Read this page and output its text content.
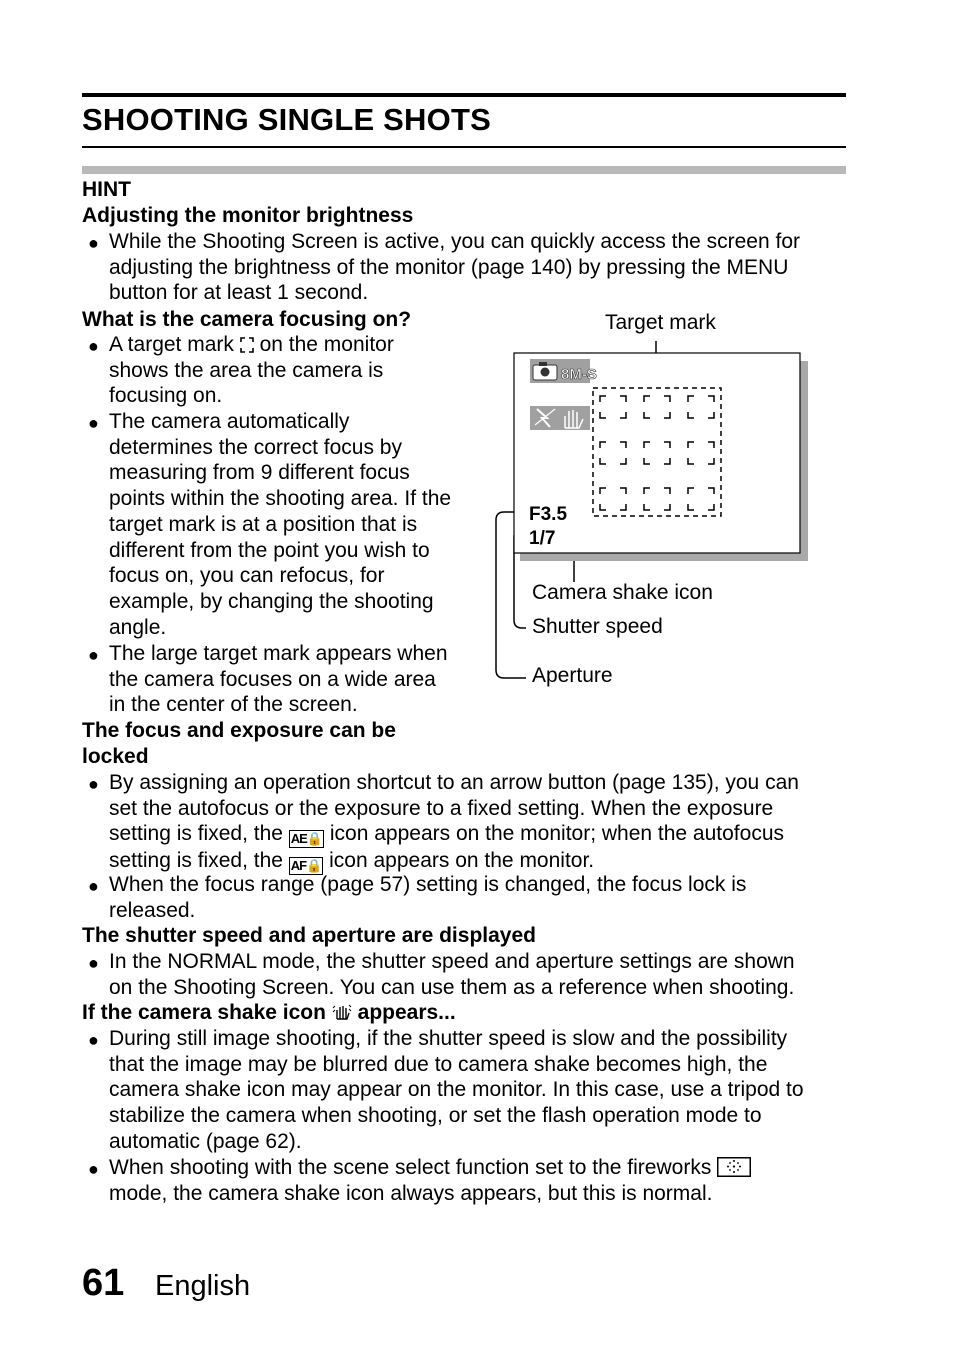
SHOOTING SINGLE SHOTS
HINT
Adjusting the monitor brightness
● While the Shooting Screen is active, you can quickly access the screen for
adjusting the brightness of the monitor (page 140) by pressing the MENU
button for at least 1 second.
What is the camera focusing on?
● A target mark on the monitor
shows the area the camera is
focusing on.
● The camera automatically
determines the correct focus by
measuring from 9 different focus
points within the shooting area. If the
target mark is at a position that is
different from the point you wish to
focus on, you can refocus, for
example, by changing the shooting
angle.
● The large target mark appears when
the camera focuses on a wide area
in the center of the screen.
The focus and exposure can be
locked
● By assigning an operation shortcut to an arrow button (page 135), you can
set the autofocus or the exposure to a fixed setting. When the exposure
setting is fixed, the AE🔒 icon appears on the monitor; when the autofocus
setting is fixed, the AF🔒 icon appears on the monitor.
● When the focus range (page 57) setting is changed, the focus lock is
released.
The shutter speed and aperture are displayed
● In the NORMAL mode, the shutter speed and aperture settings are shown
on the Shooting Screen. You can use them as a reference when shooting.
If the camera shake icon appears...
● During still image shooting, if the shutter speed is slow and the possibility
that the image may be blurred due to camera shake becomes high, the
camera shake icon may appear on the monitor. In this case, use a tripod to
stabilize the camera when shooting, or set the flash operation mode to
automatic (page 62).
● When shooting with the scene select function set to the fireworks
mode, the camera shake icon always appears, but this is normal.
8M-S
F3.5
1/7
Target mark
Camera shake icon
Shutter speed
Aperture
61 English
